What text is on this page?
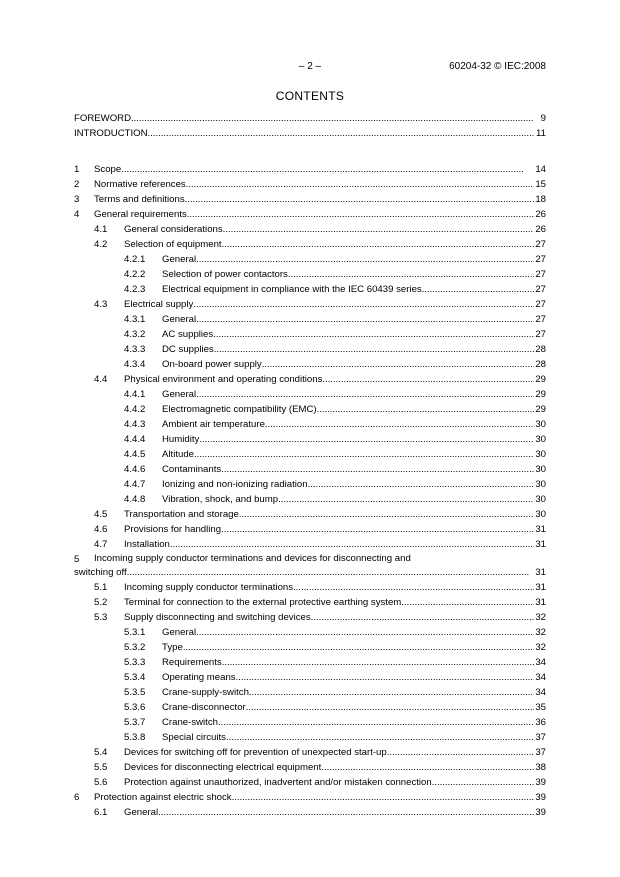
– 2 –	60204-32 © IEC:2008
CONTENTS
FOREWORD . . .	9
INTRODUCTION . . .	11
1 Scope . . .	14
2 Normative references . . .	15
3 Terms and definitions . . .	18
4 General requirements . . .	26
4.1 General considerations . . .	26
4.2 Selection of equipment . . .	27
4.2.1 General . . .	27
4.2.2 Selection of power contactors . . .	27
4.2.3 Electrical equipment in compliance with the IEC 60439 series . . .	27
4.3 Electrical supply . . .	27
4.3.1 General . . .	27
4.3.2 AC supplies . . .	27
4.3.3 DC supplies . . .	28
4.3.4 On-board power supply . . .	28
4.4 Physical environment and operating conditions . . .	29
4.4.1 General . . .	29
4.4.2 Electromagnetic compatibility (EMC) . . .	29
4.4.3 Ambient air temperature . . .	30
4.4.4 Humidity . . .	30
4.4.5 Altitude . . .	30
4.4.6 Contaminants . . .	30
4.4.7 Ionizing and non-ionizing radiation . . .	30
4.4.8 Vibration, shock, and bump . . .	30
4.5 Transportation and storage . . .	30
4.6 Provisions for handling . . .	31
4.7 Installation . . .	31
5 Incoming supply conductor terminations and devices for disconnecting and
switching off . . .	31
5.1 Incoming supply conductor terminations . . .	31
5.2 Terminal for connection to the external protective earthing system . . .	31
5.3 Supply disconnecting and switching devices . . .	32
5.3.1 General . . .	32
5.3.2 Type . . .	32
5.3.3 Requirements . . .	34
5.3.4 Operating means . . .	34
5.3.5 Crane-supply-switch . . .	34
5.3.6 Crane-disconnector . . .	35
5.3.7 Crane-switch . . .	36
5.3.8 Special circuits . . .	37
5.4 Devices for switching off for prevention of unexpected start-up . . .	37
5.5 Devices for disconnecting electrical equipment . . .	38
5.6 Protection against unauthorized, inadvertent and/or mistaken connection . . .	39
6 Protection against electric shock . . .	39
6.1 General . . .	39
